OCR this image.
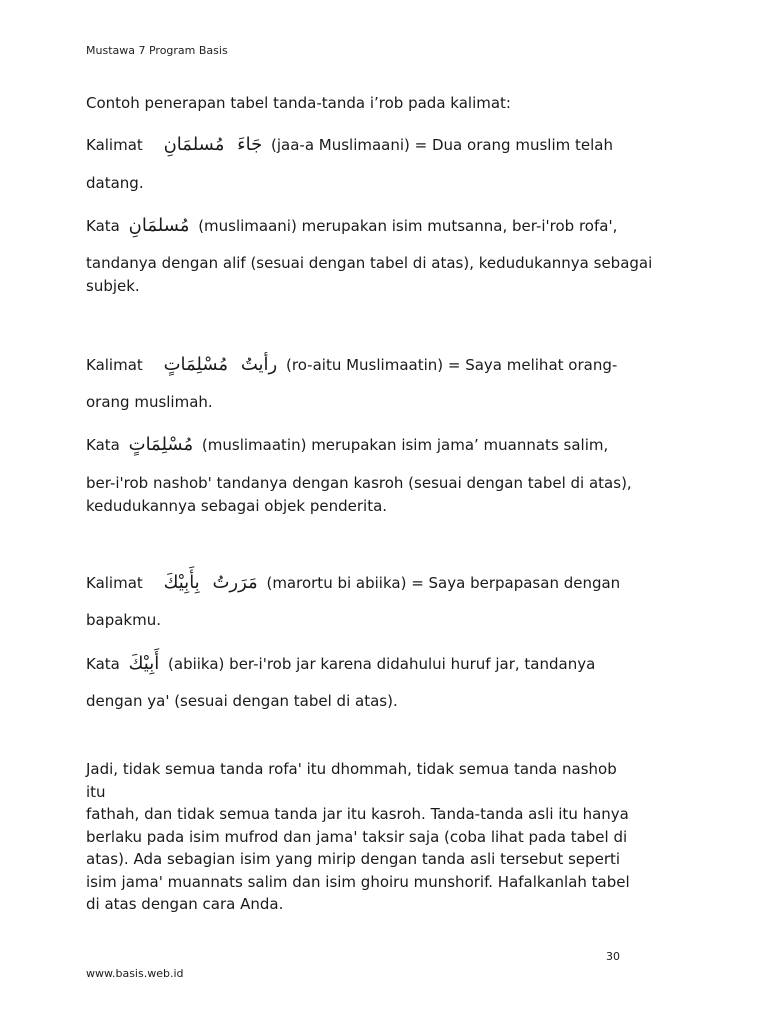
Mustawa 7 Program Basis
Contoh penerapan tabel tanda-tanda i’rob pada kalimat:
Kalimat مُسلمَانِ جَاءَ (jaa-a Muslimaani) = Dua orang muslim telah
datang.
Kata مُسلمَانِ (muslimaani) merupakan isim mutsanna, ber-i'rob rofa',
tandanya dengan alif (sesuai dengan tabel di atas), kedudukannya sebagai
subjek.
Kalimat مُسْلِمَاتٍ رأيتُ (ro-aitu Muslimaatin) = Saya melihat orang-
orang muslimah.
Kata مُسْلِمَاتٍ (muslimaatin) merupakan isim jama’ muannats salim,
ber-i'rob nashob' tandanya dengan kasroh (sesuai dengan tabel di atas),
kedudukannya sebagai objek penderita.
Kalimat بِأَبِيْكَ مَرَرتُ (marortu bi abiika) = Saya berpapasan dengan
bapakmu.
Kata أَبِيْكَ (abiika) ber-i'rob jar karena didahului huruf jar, tandanya
dengan ya' (sesuai dengan tabel di atas).
Jadi, tidak semua tanda rofa' itu dhommah, tidak semua tanda nashob itu
fathah, dan tidak semua tanda jar itu kasroh. Tanda-tanda asli itu hanya
berlaku pada isim mufrod dan jama' taksir saja (coba lihat pada tabel di
atas). Ada sebagian isim yang mirip dengan tanda asli tersebut seperti
isim jama' muannats salim dan isim ghoiru munshorif. Hafalkanlah tabel
di atas dengan cara Anda.
30
www.basis.web.id
